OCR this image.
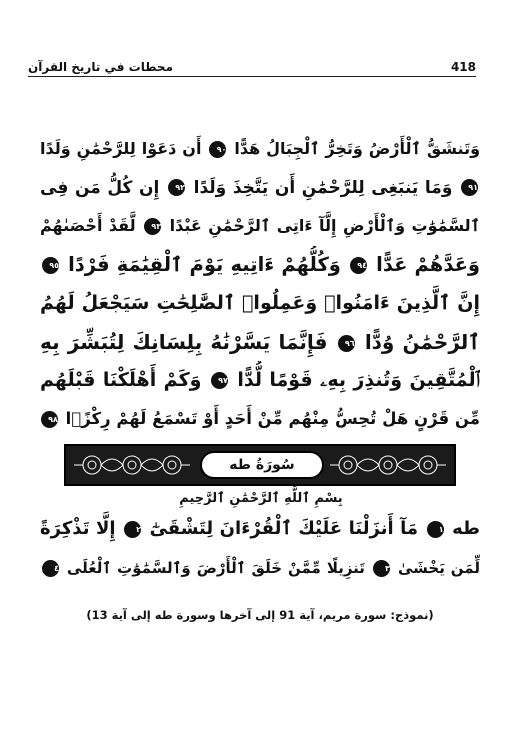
محطات في تاريخ القرآن	418
وَتَنشَقُّ ٱلْأَرْضُ وَتَخِرُّ ٱلْجِبَالُ هَدًّا ٩٠ أَن دَعَوْا لِلرَّحْمَٰنِ وَلَدًا
٩١ وَمَا يَنبَغِى لِلرَّحْمَٰنِ أَن يَتَّخِذَ وَلَدًا ٩٢ إِن كُلُّ مَن فِى
ٱلسَّمَٰوَٰتِ وَٱلْأَرْضِ إِلَّآ ءَاتِى ٱلرَّحْمَٰنِ عَبْدًا ٩٣ لَّقَدْ أَحْصَىٰهُمْ
وَعَدَّهُمْ عَدًّا ٩٤ وَكُلُّهُمْ ءَاتِيهِ يَوْمَ ٱلْقِيَٰمَةِ فَرْدًا ٩٥
إِنَّ ٱلَّذِينَ ءَامَنُوا۟ وَعَمِلُوا۟ ٱلصَّٰلِحَٰتِ سَيَجْعَلُ لَهُمُ
ٱلرَّحْمَٰنُ وُدًّا ٩٦ فَإِنَّمَا يَسَّرْنَٰهُ بِلِسَانِكَ لِتُبَشِّرَ بِهِ
ٱلْمُتَّقِينَ وَتُنذِرَ بِهِۦ قَوْمًا لُّدًّا ٩٧ وَكَمْ أَهْلَكْنَا قَبْلَهُم
مِّن قَرْنٍ هَلْ تُحِسُّ مِنْهُم مِّنْ أَحَدٍ أَوْ تَسْمَعُ لَهُمْ رِكْزًۢا ٩٨
سُورَةُ طه
بِسْمِ ٱللَّهِ ٱلرَّحْمَٰنِ ٱلرَّحِيمِ
طه ١ مَآ أَنزَلْنَا عَلَيْكَ ٱلْقُرْءَانَ لِتَشْقَىٰٓ ٢ إِلَّا تَذْكِرَةً
لِّمَن يَخْشَىٰ ٣ تَنزِيلًا مِّمَّنْ خَلَقَ ٱلْأَرْضَ وَٱلسَّمَٰوَٰتِ ٱلْعُلَى ٤
(نموذج: سورة مريم، آية 91 إلى آخرها وسورة طه إلى آية 13)
